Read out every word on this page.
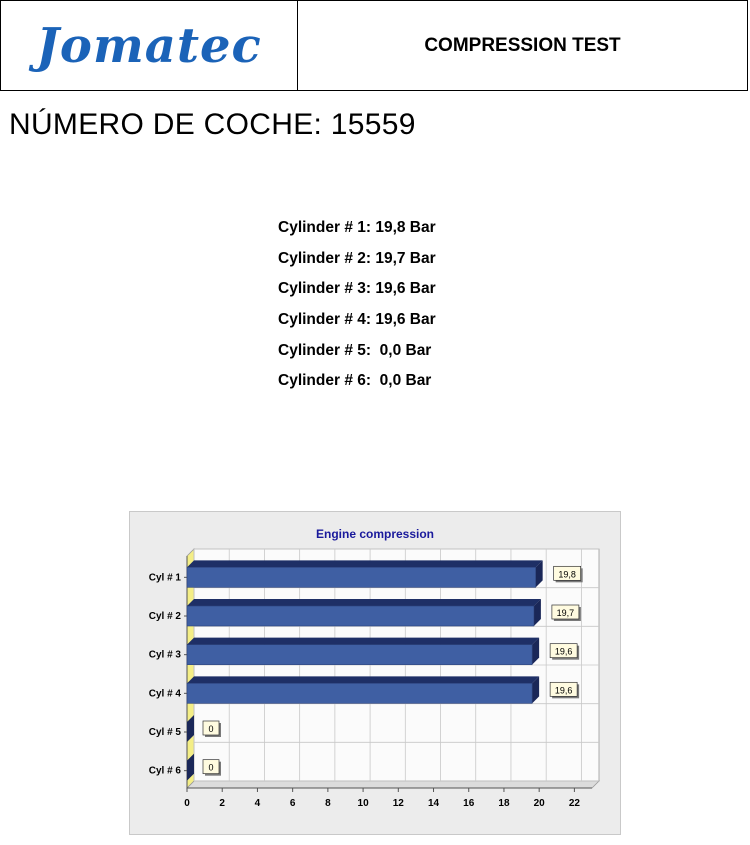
Jomatec	COMPRESSION TEST
NÚMERO DE COCHE: 15559
Cylinder # 1: 19,8 Bar
Cylinder # 2: 19,7 Bar
Cylinder # 3: 19,6 Bar
Cylinder # 4: 19,6 Bar
Cylinder # 5:  0,0 Bar
Cylinder # 6:  0,0 Bar
Engine compression
0	2	4	6	8	10 12 14 16 18 20 22
Cyl # 1	19,8
Cyl # 2	19,7
Cyl # 3	19,6
Cyl # 4	19,6
Cyl # 5	0
Cyl # 6	0
